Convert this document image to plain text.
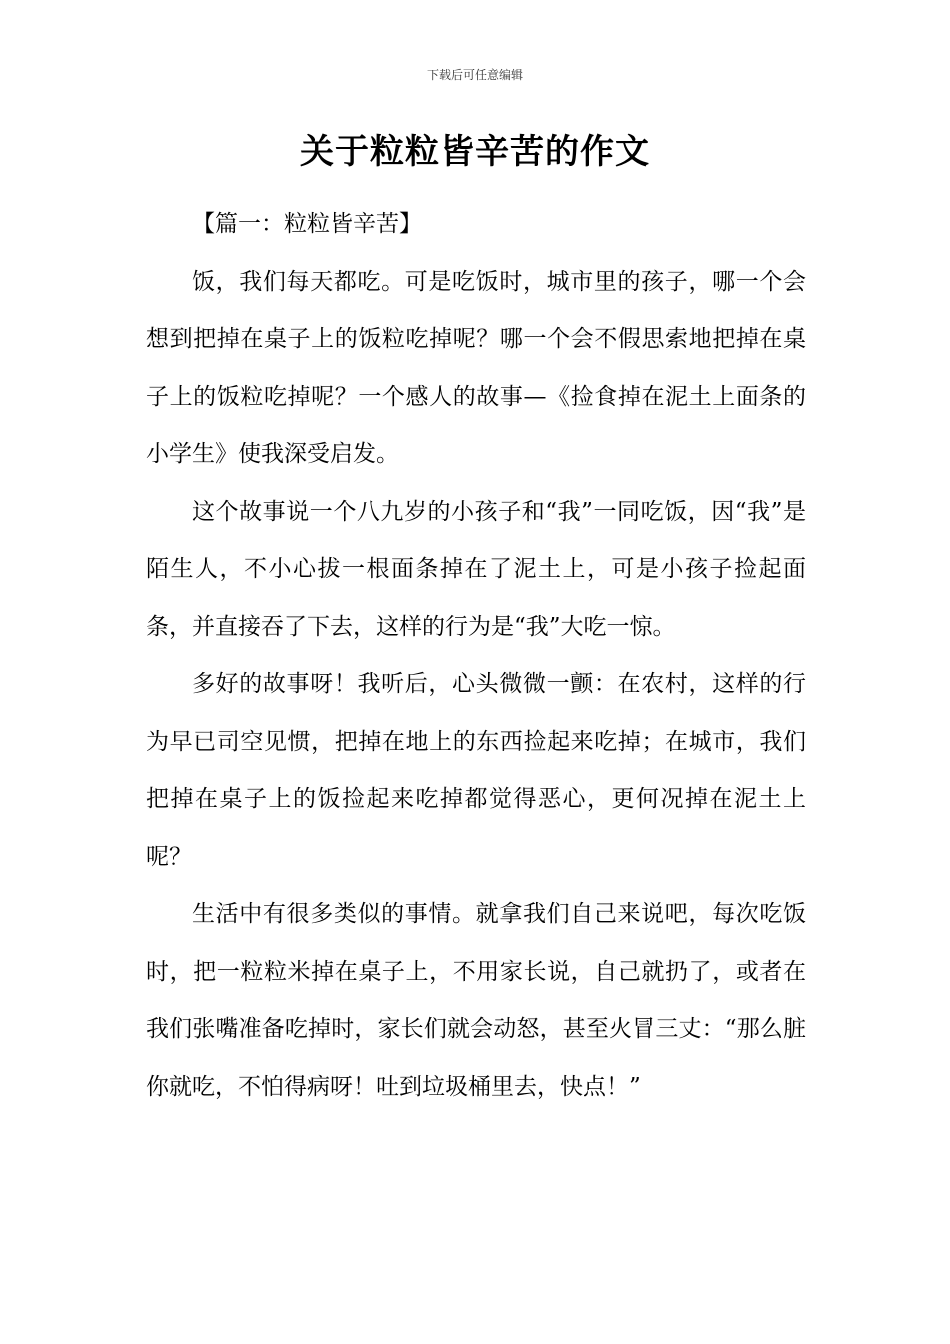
下载后可任意编辑
关于粒粒皆辛苦的作文

【篇一：粒粒皆辛苦】

饭，我们每天都吃。可是吃饭时，城市里的孩子，哪一个会想到把掉在桌子上的饭粒吃掉呢？哪一个会不假思索地把掉在桌子上的饭粒吃掉呢？一个感人的故事—《捡食掉在泥土上面条的小学生》使我深受启发。

这个故事说一个八九岁的小孩子和“我”一同吃饭，因“我”是陌生人，不小心拔一根面条掉在了泥土上，可是小孩子捡起面条，并直接吞了下去，这样的行为是“我”大吃一惊。

多好的故事呀！我听后，心头微微一颤：在农村，这样的行为早已司空见惯，把掉在地上的东西捡起来吃掉；在城市，我们把掉在桌子上的饭捡起来吃掉都觉得恶心，更何况掉在泥土上呢？

生活中有很多类似的事情。就拿我们自己来说吧，每次吃饭时，把一粒粒米掉在桌子上，不用家长说，自己就扔了，或者在我们张嘴准备吃掉时，家长们就会动怒，甚至火冒三丈：“那么脏你就吃，不怕得病呀！吐到垃圾桶里去，快点！”
